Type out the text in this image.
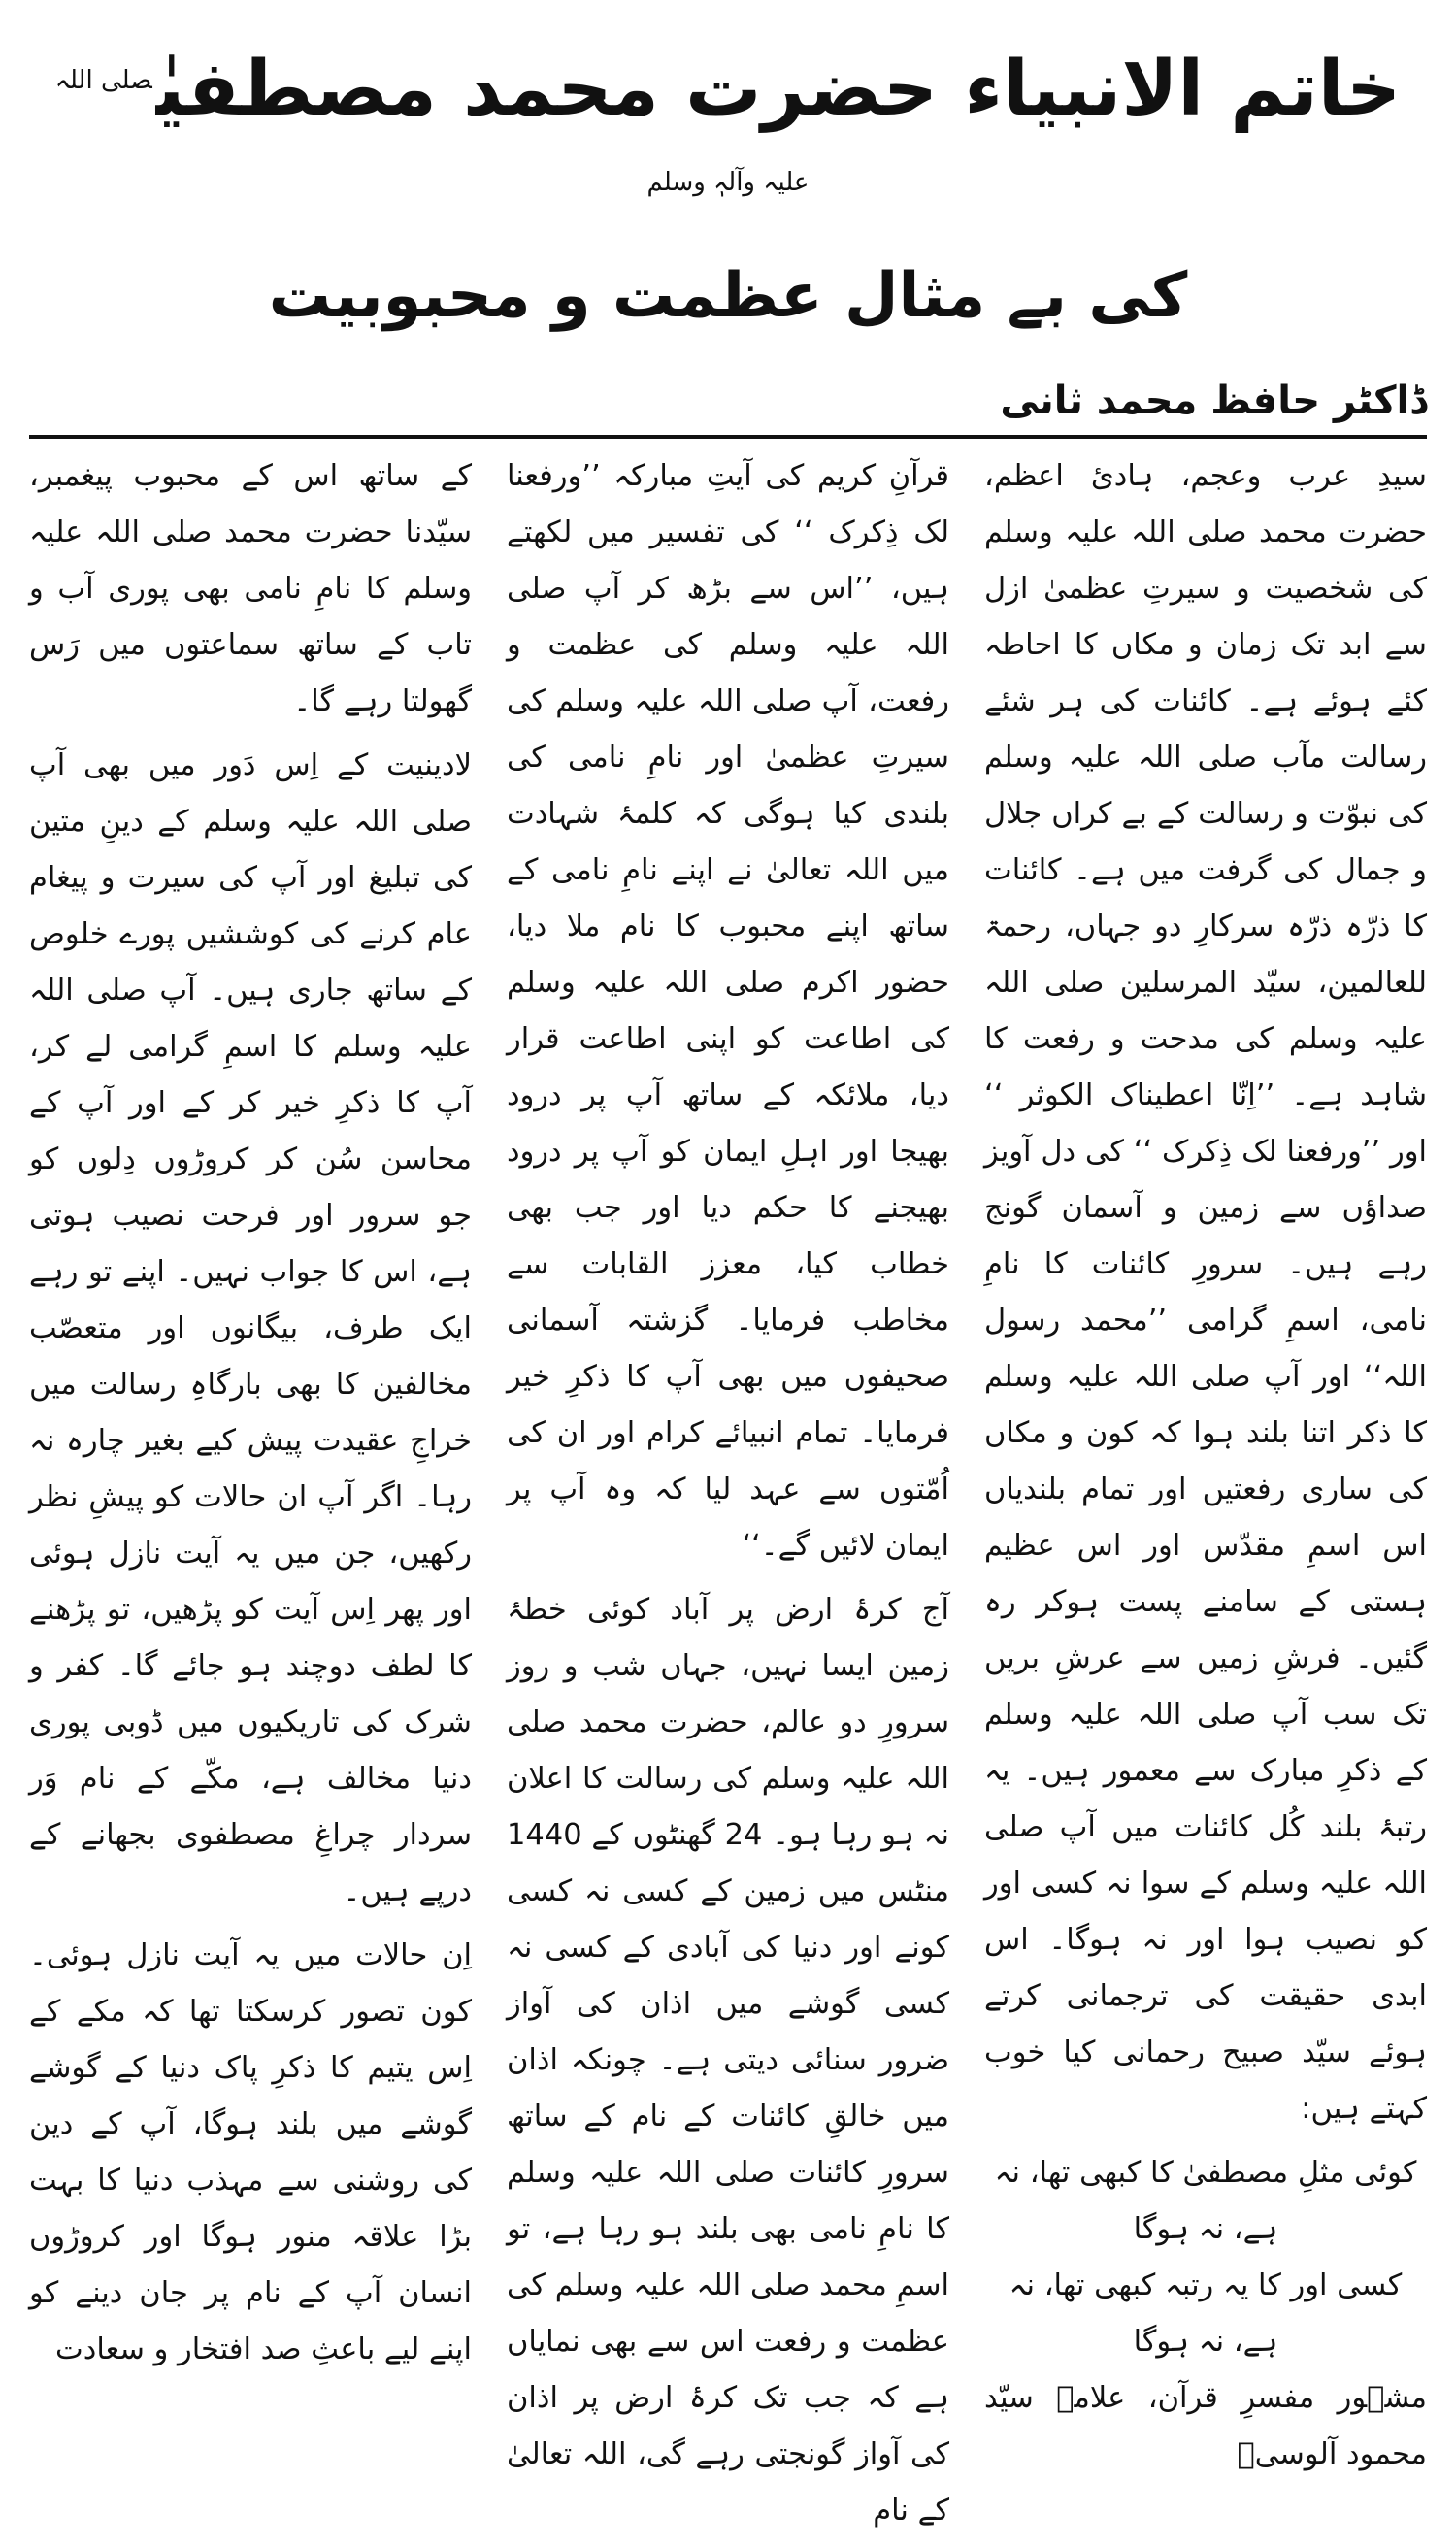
خاتم الانبیاء حضرت محمد مصطفیٰ$^{صلی اللہ علیہ وآلہٖ وسلم}$
کی بے مثال عظمت و محبوبیت
ڈاکٹر حافظ محمد ثانی

سیدِ عرب وعجم، ہادیٔ اعظم، حضرت محمد صلی اللہ علیہ وسلم کی شخصیت و سیرتِ عظمیٰ ازل سے ابد تک زمان و مکاں کا احاطہ کئے ہوئے ہے۔ کائنات کی ہر شئے رسالت مآب صلی اللہ علیہ وسلم کی نبوّت و رسالت کے بے کراں جلال و جمال کی گرفت میں ہے۔ کائنات کا ذرّہ ذرّہ سرکارِ دو جہاں، رحمۃ للعالمین، سیّد المرسلین صلی اللہ علیہ وسلم کی مدحت و رفعت کا شاہد ہے۔ ’’اِنّا اعطیناک الکوثر ‘‘ اور ’’ورفعنا لک ذِکرک ‘‘ کی دل آویز صداؤں سے زمین و آسمان گونج رہے ہیں۔ سرورِ کائنات کا نامِ نامی، اسمِ گرامی ’’محمد رسول اللہ‘‘ اور آپ صلی اللہ علیہ وسلم کا ذکر اتنا بلند ہوا کہ کون و مکاں کی ساری رفعتیں اور تمام بلندیاں اس اسمِ مقدّس اور اس عظیم ہستی کے سامنے پست ہوکر رہ گئیں۔ فرشِ زمیں سے عرشِ بریں تک سب آپ صلی اللہ علیہ وسلم کے ذکرِ مبارک سے معمور ہیں۔ یہ رتبۂ بلند کُل کائنات میں آپ صلی اللہ علیہ وسلم کے سوا نہ کسی اور کو نصیب ہوا اور نہ ہوگا۔ اس ابدی حقیقت کی ترجمانی کرتے ہوئے سیّد صبیح رحمانی کیا خوب کہتے ہیں:

کوئی مثلِ مصطفیٰ کا کبھی تھا، نہ ہے، نہ ہوگا

کسی اور کا یہ رتبہ کبھی تھا، نہ ہے، نہ ہوگا

مشہور مفسرِ قرآن، علامہ سیّد محمود آلوسیؒ

قرآنِ کریم کی آیتِ مبارکہ ’’ورفعنا لک ذِکرک ‘‘ کی تفسیر میں لکھتے ہیں، ’’اس سے بڑھ کر آپ صلی اللہ علیہ وسلم کی عظمت و رفعت، آپ صلی اللہ علیہ وسلم کی سیرتِ عظمیٰ اور نامِ نامی کی بلندی کیا ہوگی کہ کلمۂ شہادت میں اللہ تعالیٰ نے اپنے نامِ نامی کے ساتھ اپنے محبوب کا نام ملا دیا، حضور اکرم صلی اللہ علیہ وسلم کی اطاعت کو اپنی اطاعت قرار دیا، ملائکہ کے ساتھ آپ پر درود بھیجا اور اہلِ ایمان کو آپ پر درود بھیجنے کا حکم دیا اور جب بھی خطاب کیا، معزز القابات سے مخاطب فرمایا۔ گزشتہ آسمانی صحیفوں میں بھی آپ کا ذکرِ خیر فرمایا۔ تمام انبیائے کرام اور ان کی اُمّتوں سے عہد لیا کہ وہ آپ پر ایمان لائیں گے۔‘‘

آج کرۂ ارض پر آباد کوئی خطۂ زمین ایسا نہیں، جہاں شب و روز سرورِ دو عالم، حضرت محمد صلی اللہ علیہ وسلم کی رسالت کا اعلان نہ ہو رہا ہو۔ 24 گھنٹوں کے 1440 منٹس میں زمین کے کسی نہ کسی کونے اور دنیا کی آبادی کے کسی نہ کسی گوشے میں اذان کی آواز ضرور سنائی دیتی ہے۔ چونکہ اذان میں خالقِ کائنات کے نام کے ساتھ سرورِ کائنات صلی اللہ علیہ وسلم کا نامِ نامی بھی بلند ہو رہا ہے، تو اسمِ محمد صلی اللہ علیہ وسلم کی عظمت و رفعت اس سے بھی نمایاں ہے کہ جب تک کرۂ ارض پر اذان کی آواز گونجتی رہے گی، اللہ تعالیٰ کے نام

کے ساتھ اس کے محبوب پیغمبر، سیّدنا حضرت محمد صلی اللہ علیہ وسلم کا نامِ نامی بھی پوری آب و تاب کے ساتھ سماعتوں میں رَس گھولتا رہے گا۔

لادینیت کے اِس دَور میں بھی آپ صلی اللہ علیہ وسلم کے دینِ متین کی تبلیغ اور آپ کی سیرت و پیغام عام کرنے کی کوششیں پورے خلوص کے ساتھ جاری ہیں۔ آپ صلی اللہ علیہ وسلم کا اسمِ گرامی لے کر، آپ کا ذکرِ خیر کر کے اور آپ کے محاسن سُن کر کروڑوں دِلوں کو جو سرور اور فرحت نصیب ہوتی ہے، اس کا جواب نہیں۔ اپنے تو رہے ایک طرف، بیگانوں اور متعصّب مخالفین کا بھی بارگاہِ رسالت میں خراجِ عقیدت پیش کیے بغیر چارہ نہ رہا۔ اگر آپ ان حالات کو پیشِ نظر رکھیں، جن میں یہ آیت نازل ہوئی اور پھر اِس آیت کو پڑھیں، تو پڑھنے کا لطف دوچند ہو جائے گا۔ کفر و شرک کی تاریکیوں میں ڈوبی پوری دنیا مخالف ہے، مکّے کے نام وَر سردار چراغِ مصطفوی بجھانے کے درپے ہیں۔

اِن حالات میں یہ آیت نازل ہوئی۔ کون تصور کرسکتا تھا کہ مکے کے اِس یتیم کا ذکرِ پاک دنیا کے گوشے گوشے میں بلند ہوگا، آپ کے دین کی روشنی سے مہذب دنیا کا بہت بڑا علاقہ منور ہوگا اور کروڑوں انسان آپ کے نام پر جان دینے کو اپنے لیے باعثِ صد افتخار و سعادت
